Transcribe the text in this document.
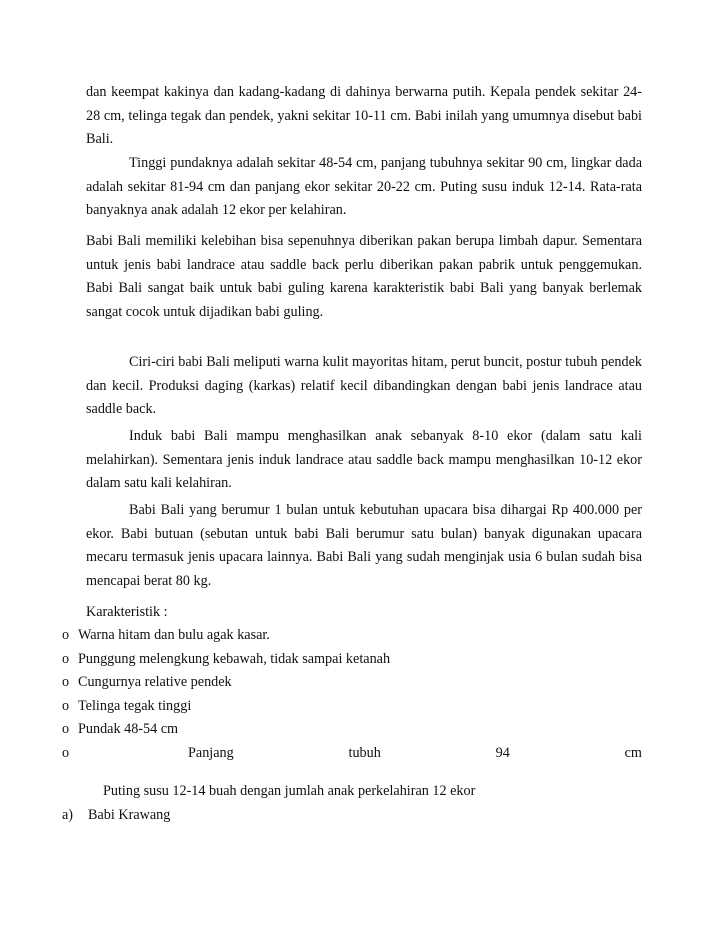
dan keempat kakinya dan kadang-kadang di dahinya berwarna putih. Kepala pendek sekitar 24-28 cm, telinga tegak dan pendek, yakni sekitar 10-11 cm. Babi inilah yang umumnya disebut babi Bali.

Tinggi pundaknya adalah sekitar 48-54 cm, panjang tubuhnya sekitar 90 cm, lingkar dada adalah sekitar 81-94 cm dan panjang ekor sekitar 20-22 cm. Puting susu induk 12-14. Rata-rata banyaknya anak adalah 12 ekor per kelahiran.

Babi Bali memiliki kelebihan bisa sepenuhnya diberikan pakan berupa limbah dapur. Sementara untuk jenis babi landrace atau saddle back perlu diberikan pakan pabrik untuk penggemukan. Babi Bali sangat baik untuk babi guling karena karakteristik babi Bali yang banyak berlemak sangat cocok untuk dijadikan babi guling.

Ciri-ciri babi Bali meliputi warna kulit mayoritas hitam, perut buncit, postur tubuh pendek dan kecil. Produksi daging (karkas) relatif kecil dibandingkan dengan babi jenis landrace atau saddle back.

Induk babi Bali mampu menghasilkan anak sebanyak 8-10 ekor (dalam satu kali melahirkan). Sementara jenis induk landrace atau saddle back mampu menghasilkan 10-12 ekor dalam satu kali kelahiran.

Babi Bali yang berumur 1 bulan untuk kebutuhan upacara bisa dihargai Rp 400.000 per ekor. Babi butuan (sebutan untuk babi Bali berumur satu bulan) banyak digunakan upacara mecaru termasuk jenis upacara lainnya. Babi Bali yang sudah menginjak usia 6 bulan sudah bisa mencapai berat 80 kg.

Karakteristik :
o Warna hitam dan bulu agak kasar.
o Punggung melengkung kebawah, tidak sampai ketanah
o Cungurnya relative pendek
o Telinga tegak tinggi
o Pundak 48-54 cm
o	Panjang	tubuh	94	cm
Puting susu 12-14 buah dengan jumlah anak perkelahiran 12 ekor
a) Babi Krawang
